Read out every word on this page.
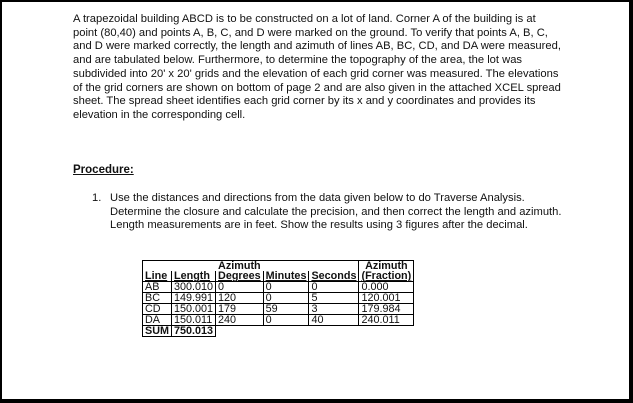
A trapezoidal building ABCD is to be constructed on a lot of land. Corner A of the building is at point (80,40) and points A, B, C, and D were marked on the ground. To verify that points A, B, C, and D were marked correctly, the length and azimuth of lines AB, BC, CD, and DA were measured, and are tabulated below. Furthermore, to determine the topography of the area, the lot was subdivided into 20' x 20' grids and the elevation of each grid corner was measured. The elevations of the grid corners are shown on bottom of page 2 and are also given in the attached XCEL spread sheet. The spread sheet identifies each grid corner by its x and y coordinates and provides its elevation in the corresponding cell.

Procedure:
1. Use the distances and directions from the data given below to do Traverse Analysis. Determine the closure and calculate the precision, and then correct the length and azimuth. Length measurements are in feet. Show the results using 3 figures after the decimal.
		Azimuth			Azimuth
Line	Length	Degrees	Minutes	Seconds	(Fraction)
AB	300.010	0	0	0	0.000
BC	149.991	120	0	5	120.001
CD	150.001	179	59	3	179.984
DA	150.011	240	0	40	240.011
SUM	750.013				
